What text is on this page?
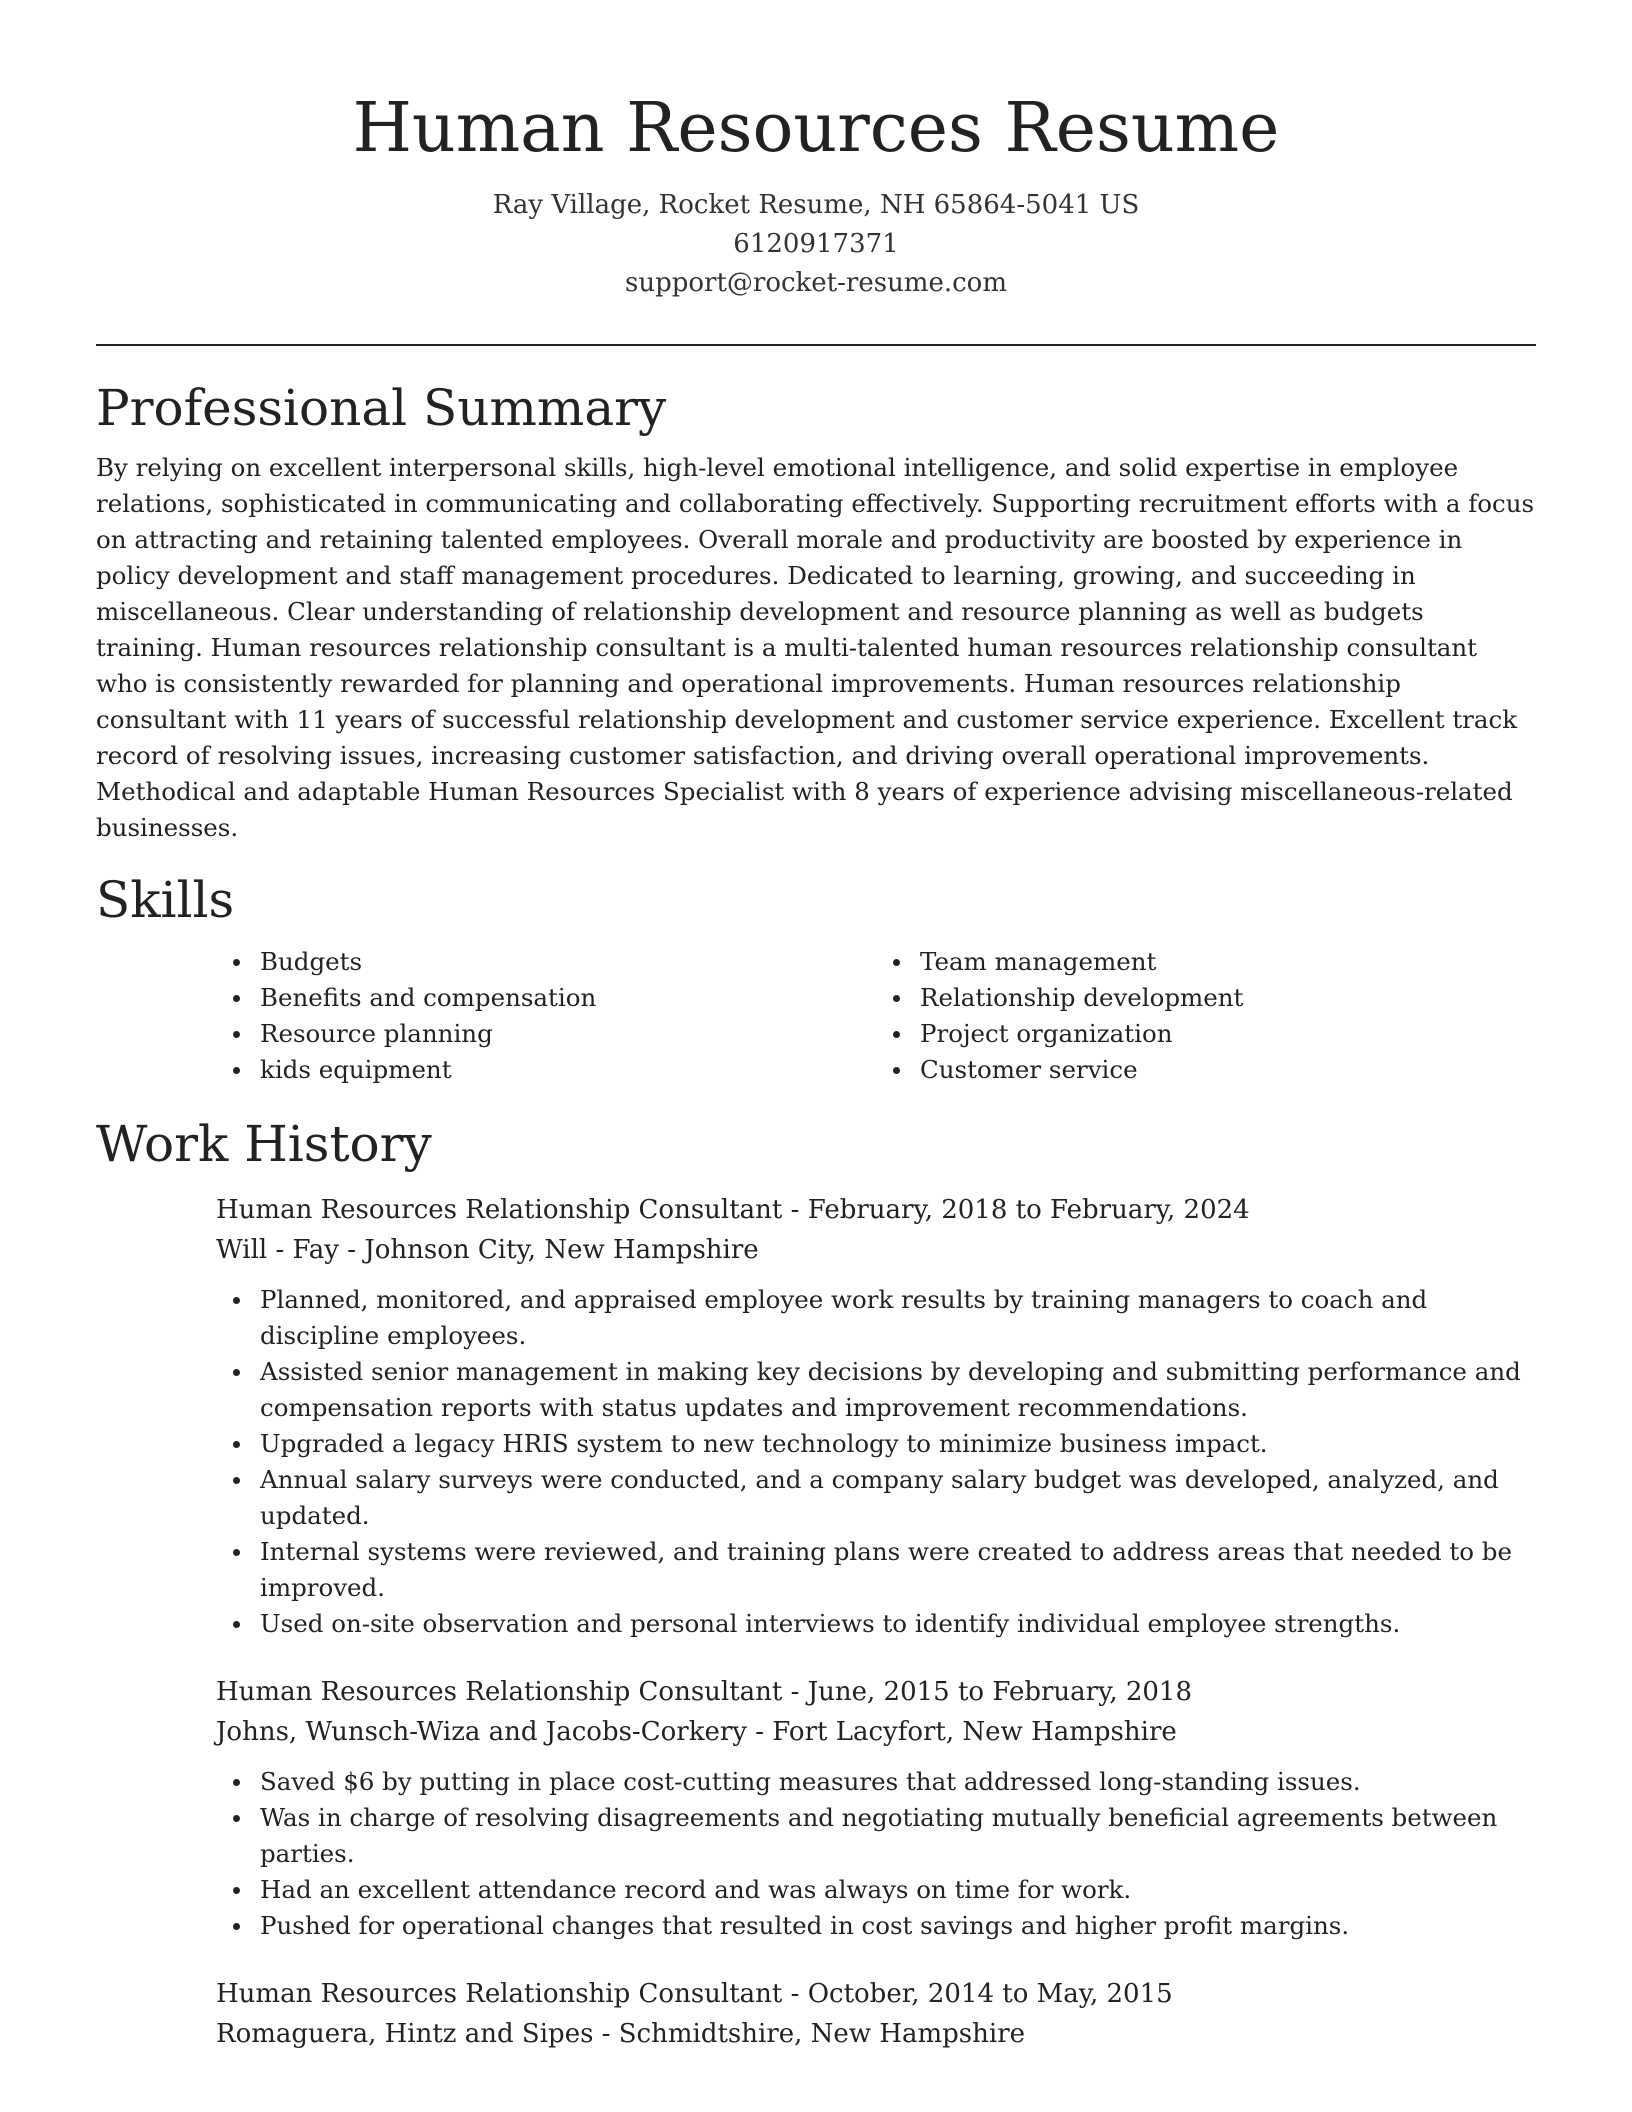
Human Resources Resume
Ray Village, Rocket Resume, NH 65864-5041 US
6120917371
support@rocket-resume.com
Professional Summary

By relying on excellent interpersonal skills, high-level emotional intelligence, and solid expertise in employee relations, sophisticated in communicating and collaborating effectively. Supporting recruitment efforts with a focus on attracting and retaining talented employees. Overall morale and productivity are boosted by experience in policy development and staff management procedures. Dedicated to learning, growing, and succeeding in miscellaneous. Clear understanding of relationship development and resource planning as well as budgets training. Human resources relationship consultant is a multi-talented human resources relationship consultant who is consistently rewarded for planning and operational improvements. Human resources relationship consultant with 11 years of successful relationship development and customer service experience. Excellent track record of resolving issues, increasing customer satisfaction, and driving overall operational improvements. Methodical and adaptable Human Resources Specialist with 8 years of experience advising miscellaneous-related businesses.

Skills
Budgets
Benefits and compensation
Resource planning
kids equipment
Team management
Relationship development
Project organization
Customer service
Work History
Human Resources Relationship Consultant - February, 2018 to February, 2024
Will - Fay - Johnson City, New Hampshire
Planned, monitored, and appraised employee work results by training managers to coach and discipline employees.
Assisted senior management in making key decisions by developing and submitting performance and compensation reports with status updates and improvement recommendations.
Upgraded a legacy HRIS system to new technology to minimize business impact.
Annual salary surveys were conducted, and a company salary budget was developed, analyzed, and updated.
Internal systems were reviewed, and training plans were created to address areas that needed to be improved.
Used on-site observation and personal interviews to identify individual employee strengths.
Human Resources Relationship Consultant - June, 2015 to February, 2018
Johns, Wunsch-Wiza and Jacobs-Corkery - Fort Lacyfort, New Hampshire
Saved $6 by putting in place cost-cutting measures that addressed long-standing issues.
Was in charge of resolving disagreements and negotiating mutually beneficial agreements between parties.
Had an excellent attendance record and was always on time for work.
Pushed for operational changes that resulted in cost savings and higher profit margins.
Human Resources Relationship Consultant - October, 2014 to May, 2015
Romaguera, Hintz and Sipes - Schmidtshire, New Hampshire
